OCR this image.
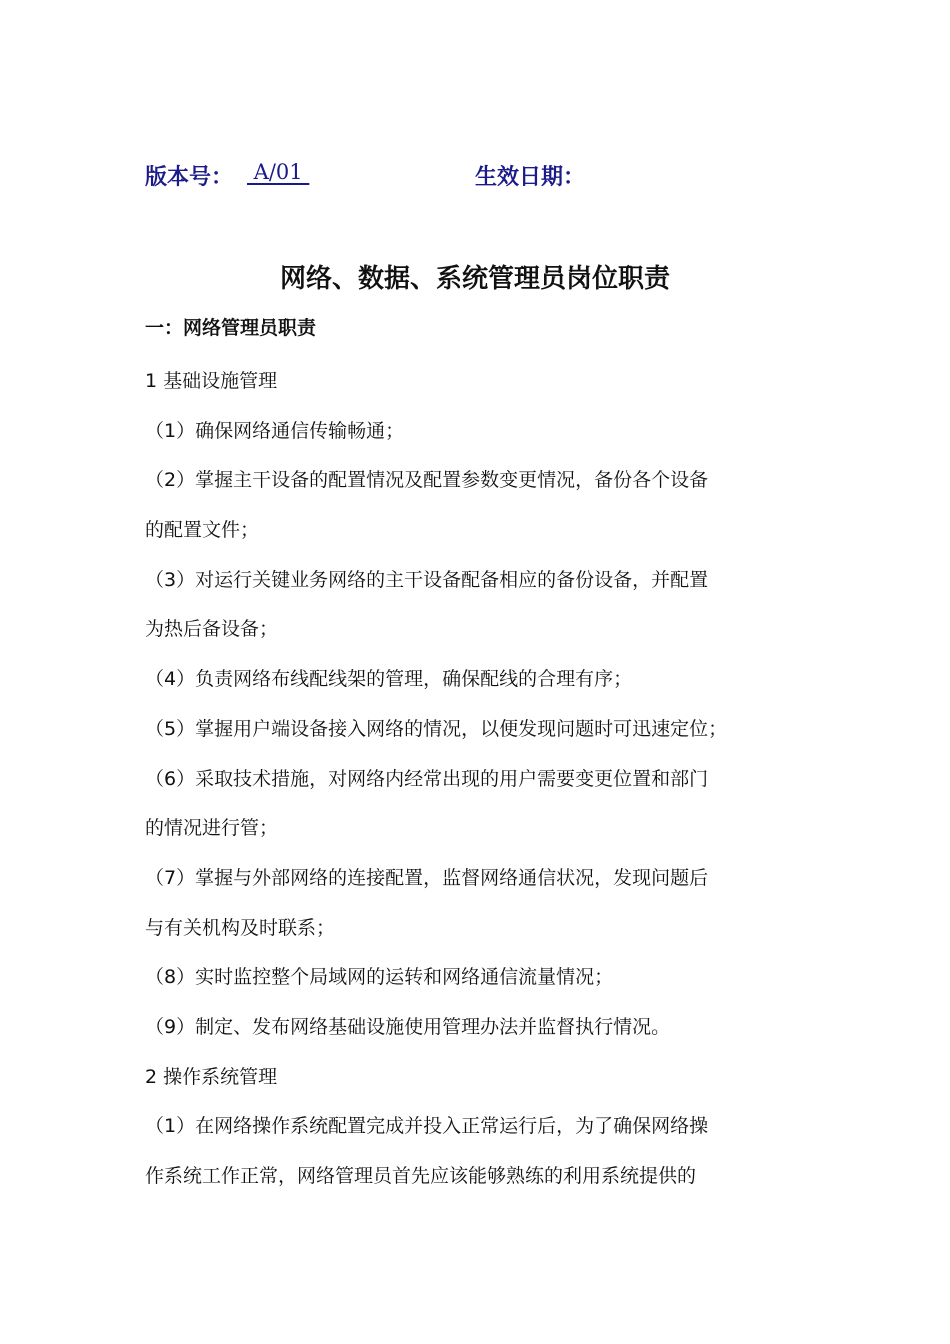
版本号： A/01	生效日期：
网络、数据、系统管理员岗位职责
一：网络管理员职责
1 基础设施管理
（1）确保网络通信传输畅通；
（2）掌握主干设备的配置情况及配置参数变更情况，备份各个设备
的配置文件；
（3）对运行关键业务网络的主干设备配备相应的备份设备，并配置
为热后备设备；
（4）负责网络布线配线架的管理，确保配线的合理有序；
（5）掌握用户端设备接入网络的情况，以便发现问题时可迅速定位；
（6）采取技术措施，对网络内经常出现的用户需要变更位置和部门
的情况进行管；
（7）掌握与外部网络的连接配置，监督网络通信状况，发现问题后
与有关机构及时联系；
（8）实时监控整个局域网的运转和网络通信流量情况；
（9）制定、发布网络基础设施使用管理办法并监督执行情况。
2 操作系统管理
（1）在网络操作系统配置完成并投入正常运行后，为了确保网络操
作系统工作正常，网络管理员首先应该能够熟练的利用系统提供的
